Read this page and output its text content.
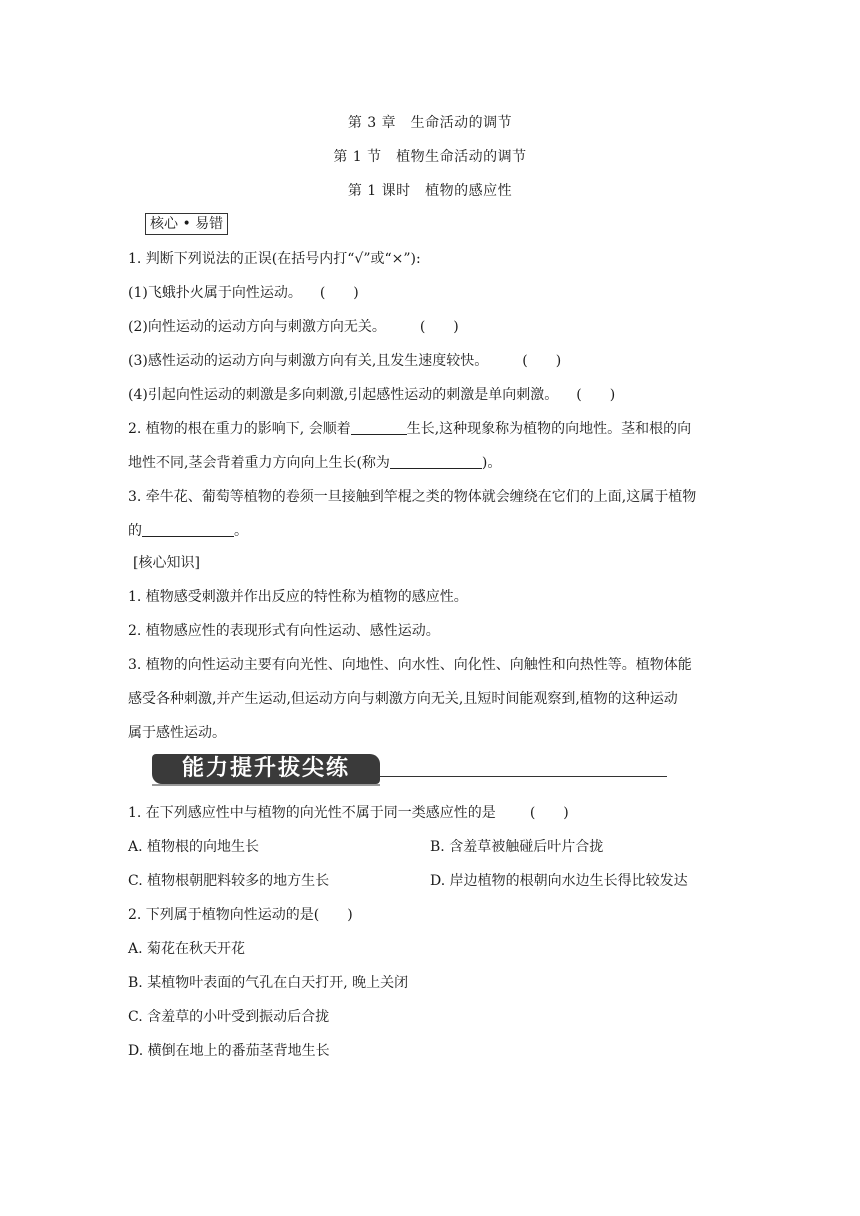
第 3 章　生命活动的调节
第 1 节　植物生命活动的调节
第 1 课时　植物的感应性
核心 • 易错
1. 判断下列说法的正误(在括号内打“√”或“×”):
(1)飞蛾扑火属于向性运动。 (　　)
(2)向性运动的运动方向与刺激方向无关。 (　　)
(3)感性运动的运动方向与刺激方向有关,且发生速度较快。 (　　)
(4)引起向性运动的刺激是多向刺激,引起感性运动的刺激是单向刺激。 (　　)
2. 植物的根在重力的影响下, 会顺着	生长,这种现象称为植物的向地性。茎和根的向
地性不同,茎会背着重力方向向上生长(称为	)。
3. 牵牛花、葡萄等植物的卷须一旦接触到竿棍之类的物体就会缠绕在它们的上面,这属于植物
的	。
[核心知识]
1. 植物感受刺激并作出反应的特性称为植物的感应性。
2. 植物感应性的表现形式有向性运动、感性运动。
3. 植物的向性运动主要有向光性、向地性、向水性、向化性、向触性和向热性等。植物体能
感受各种刺激,并产生运动,但运动方向与刺激方向无关,且短时间能观察到,植物的这种运动
属于感性运动。
能力提升拔尖练
1. 在下列感应性中与植物的向光性不属于同一类感应性的是 (　　)
A. 植物根的向地生长	B. 含羞草被触碰后叶片合拢
C. 植物根朝肥料较多的地方生长	D. 岸边植物的根朝向水边生长得比较发达
2. 下列属于植物向性运动的是(　　)
A. 菊花在秋天开花
B. 某植物叶表面的气孔在白天打开, 晚上关闭
C. 含羞草的小叶受到振动后合拢
D. 横倒在地上的番茄茎背地生长
